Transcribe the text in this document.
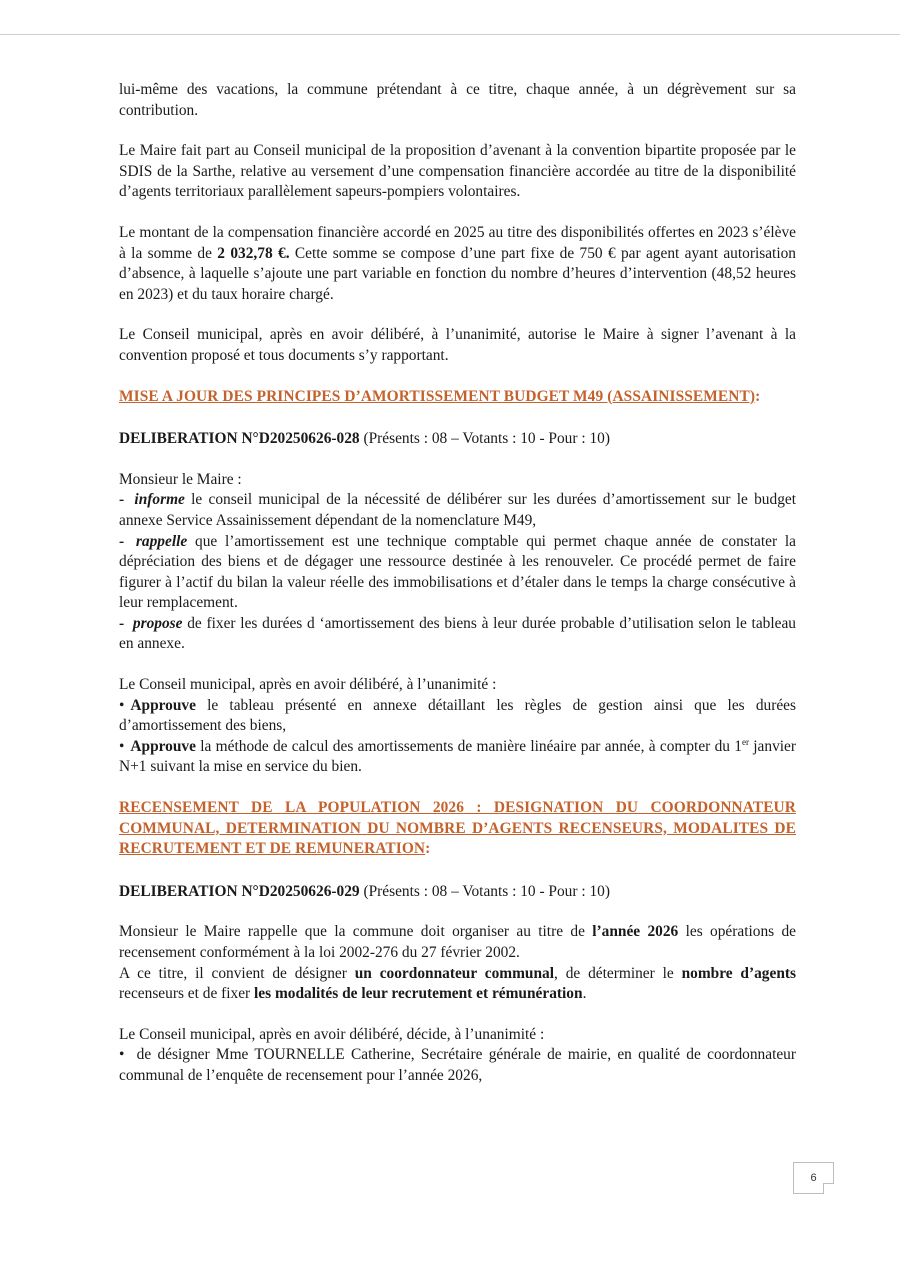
lui-même des vacations, la commune prétendant à ce titre, chaque année, à un dégrèvement sur sa contribution.

Le Maire fait part au Conseil municipal de la proposition d’avenant à la convention bipartite proposée par le SDIS de la Sarthe, relative au versement d’une compensation financière accordée au titre de la disponibilité d’agents territoriaux parallèlement sapeurs-pompiers volontaires.

Le montant de la compensation financière accordé en 2025 au titre des disponibilités offertes en 2023 s’élève à la somme de 2 032,78 €. Cette somme se compose d’une part fixe de 750 € par agent ayant autorisation d’absence, à laquelle s’ajoute une part variable en fonction du nombre d’heures d’intervention (48,52 heures en 2023) et du taux horaire chargé.

Le Conseil municipal, après en avoir délibéré, à l’unanimité, autorise le Maire à signer l’avenant à la convention proposé et tous documents s’y rapportant.

MISE A JOUR DES PRINCIPES D’AMORTISSEMENT BUDGET M49 (ASSAINISSEMENT):

DELIBERATION N°D20250626-028 (Présents : 08 – Votants : 10 - Pour : 10)

Monsieur le Maire :

- informe le conseil municipal de la nécessité de délibérer sur les durées d’amortissement sur le budget annexe Service Assainissement dépendant de la nomenclature M49,

- rappelle que l’amortissement est une technique comptable qui permet chaque année de constater la dépréciation des biens et de dégager une ressource destinée à les renouveler. Ce procédé permet de faire figurer à l’actif du bilan la valeur réelle des immobilisations et d’étaler dans le temps la charge consécutive à leur remplacement.

- propose de fixer les durées d ‘amortissement des biens à leur durée probable d’utilisation selon le tableau en annexe.

Le Conseil municipal, après en avoir délibéré, à l’unanimité :

• Approuve le tableau présenté en annexe détaillant les règles de gestion ainsi que les durées d’amortissement des biens,

• Approuve la méthode de calcul des amortissements de manière linéaire par année, à compter du 1er janvier N+1 suivant la mise en service du bien.

RECENSEMENT DE LA POPULATION 2026 : DESIGNATION DU COORDONNATEUR COMMUNAL, DETERMINATION DU NOMBRE D’AGENTS RECENSEURS, MODALITES DE RECRUTEMENT ET DE REMUNERATION:

DELIBERATION N°D20250626-029 (Présents : 08 – Votants : 10 - Pour : 10)

Monsieur le Maire rappelle que la commune doit organiser au titre de l’année 2026 les opérations de recensement conformément à la loi 2002-276 du 27 février 2002.

A ce titre, il convient de désigner un coordonnateur communal, de déterminer le nombre d’agents recenseurs et de fixer les modalités de leur recrutement et rémunération.

Le Conseil municipal, après en avoir délibéré, décide, à l’unanimité :

• de désigner Mme TOURNELLE Catherine, Secrétaire générale de mairie, en qualité de coordonnateur communal de l’enquête de recensement pour l’année 2026,

6
